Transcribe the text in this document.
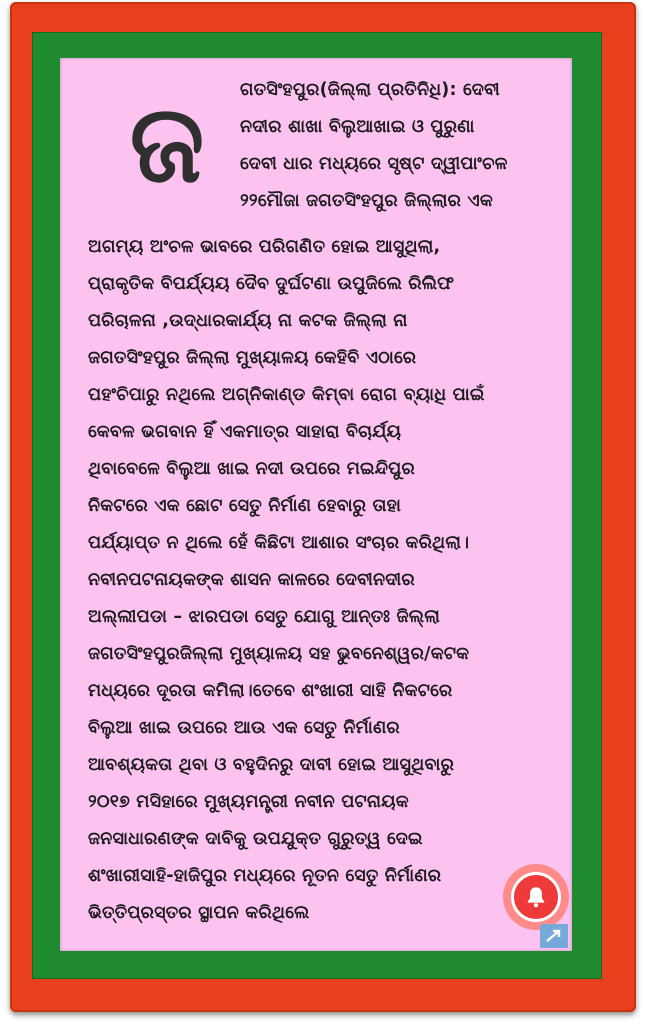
ଜ	ଗତସିଂହପୁର(ଜିଲ୍ଲା ପ୍ରତିନିଧି): ଦେବୀ
ନଦୀର ଶାଖା ବିଲୁଆଖାଇ ଓ ପୁରୁଣା
ଦେବୀ ଧାର ମଧ୍ୟରେ ସୃଷ୍ଟ ଦ୍ୱୀପାଂଚଳ
୨୨ମୌଜା ଜଗତସିଂହପୁର ଜିଲ୍ଲାର ଏକ
ଅଗମ୍ୟ ଅଂଚଳ ଭାବରେ ପରିଗଣିତ ହୋଇ ଆସୁଥିଲା,
ପ୍ରାକୃତିକ ବିପର୍ଯ୍ୟୟ ଦୈବ ଦୁର୍ଘଟଣା ଉପୁଜିଲେ ରିଲିଫ
ପରିଚାଳନା ,ଉଦ୍ଧାରକାର୍ଯ୍ୟ ନା କଟକ ଜିଲ୍ଲା ନା
ଜଗତସିଂହପୁର ଜିଲ୍ଲା ମୁଖ୍ୟାଳୟ କେହିବି ଏଠାରେ
ପହଂଚିପାରୁ ନଥିଲେ ଅଗ୍ନିକାଣ୍ଡ କିମ୍ବା ରୋଗ ବ୍ୟାଧି ପାଇଁ
କେବଳ ଭଗବାନ ହିଁ ଏକମାତ୍ର ସାହାରା ବିଚାର୍ଯ୍ୟ
ଥିବାବେଳେ ବିଲୁଆ ଖାଇ ନଦୀ ଉପରେ ମଇନ୍ଦିପୁର
ନିକଟରେ ଏକ ଛୋଟ ସେତୁ ନିର୍ମାଣ ହେବାରୁ ତାହା
ପର୍ଯ୍ୟାପ୍ତ ନ ଥିଲେ ହେଁ କିଛିଟା ଆଶାର ସଂଚାର କରିଥିଲା।
ନବୀନପଟନାୟକଙ୍କ ଶାସନ କାଳରେ ଦେବୀନଦୀର
ଅଲ୍ଲୀପଡା – ଝାରପଡା ସେତୁ ଯୋଗୁ ଆନ୍ତଃ ଜିଲ୍ଲା
ଜଗତସିଂହପୁରଜିଲ୍ଲା ମୁଖ୍ୟାଳୟ ସହ ଭୁବନେଶ୍ୱର/କଟକ
ମଧ୍ୟରେ ଦୂରତା କମିଲା।ତେବେ ଶଂଖାରୀ ସାହି ନିକଟରେ
ବିଲୁଆ ଖାଇ ଉପରେ ଆଉ ଏକ ସେତୁ ନିର୍ମାଣର
ଆବଶ୍ୟକତା ଥିବା ଓ ବହୁଦିନରୁ ଦାବୀ ହୋଇ ଆସୁଥିବାରୁ
୨୦୧୭ ମସିହାରେ ମୁଖ୍ୟମନ୍ତ୍ରୀ ନବୀନ ପଟନାୟକ
ଜନସାଧାରଣଙ୍କ ଦାବିକୁ ଉପଯୁକ୍ତ ଗୁରୁତ୍ୱ ଦେଇ
ଶଂଖାରୀସାହି-ହାଜିପୁର ମଧ୍ୟରେ ନୂତନ ସେତୁ ନିର୍ମାଣର
ଭିତ୍ତିପ୍ରସ୍ତର ସ୍ଥାପନ କରିଥିଲେ
